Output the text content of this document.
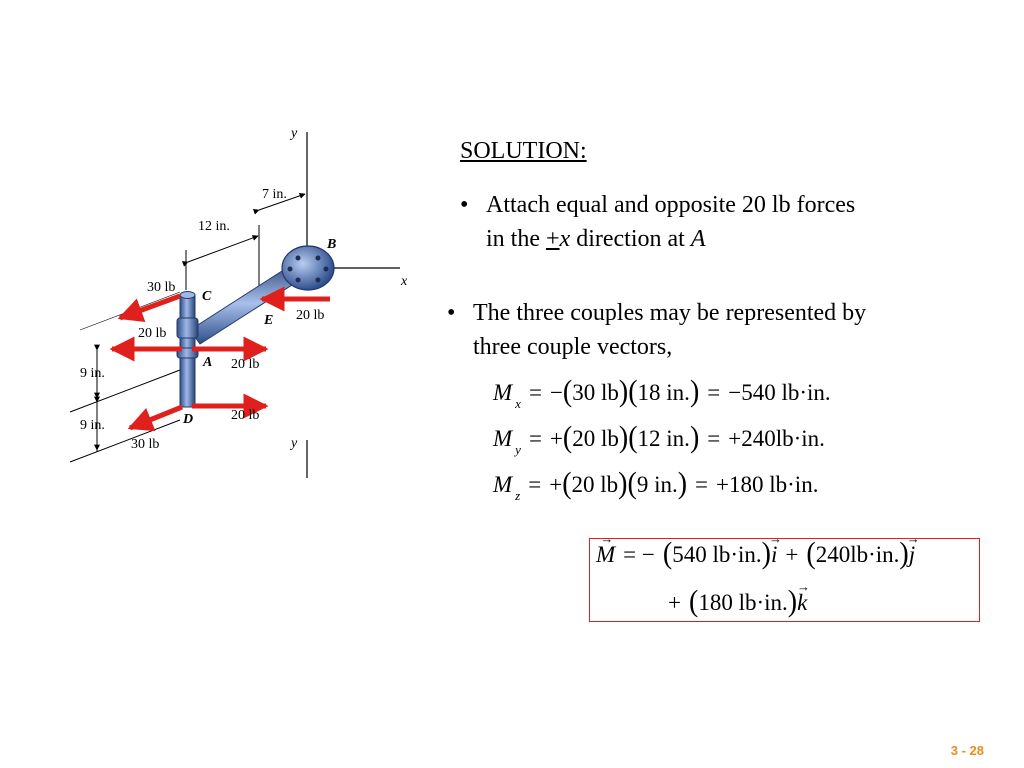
y
x
y
B
C
E
A
D
7 in.
12 in.
9 in.
9 in.
30 lb
20 lb
20 lb
20 lb
20 lb
30 lb
SOLUTION:
• Attach equal and opposite 20 lb forces
in the +x direction at A
• The three couples may be represented by
three couple vectors,
M $_x$ = −(30 lb)(18 in.) = −540 lb·in.
M $_y$ = +(20 lb)(12 in.) = +240lb·in.
M $_z$ = +(20 lb)(9 in.) = +180 lb·in.
→ M = − (540 lb·in.)→ i + (240lb·in.)→ j
+ (180 lb·in.)→ k
3 - 28
